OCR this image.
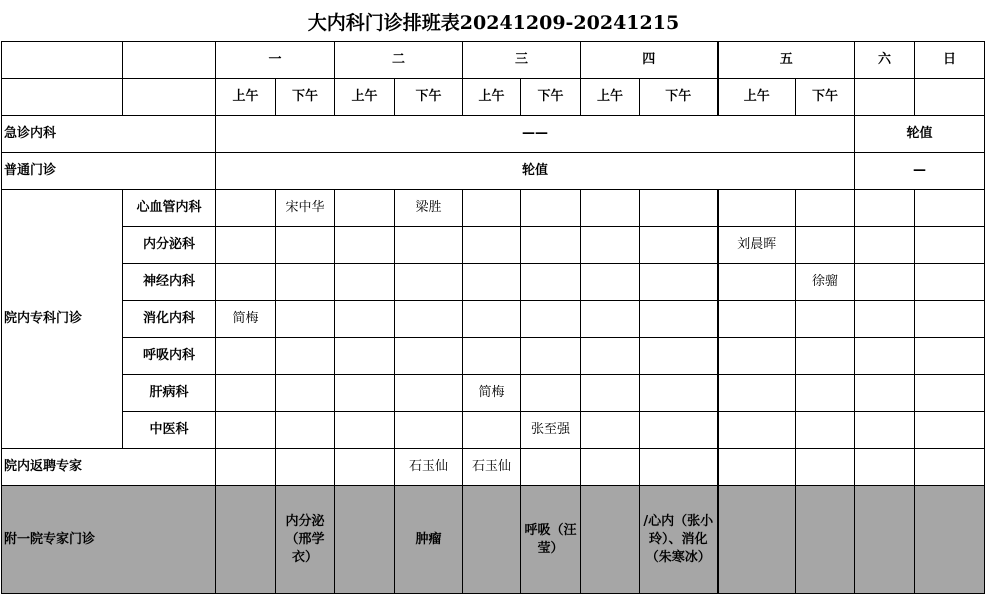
大内科门诊排班表20241209-20241215
		一		二		三		四		五		六	日
		上午	下午	上午	下午	上午	下午	上午	下午	上午	下午		
急诊内科		——										轮值	
普通门诊		轮值										—	
院内专科门诊	心血管内科		宋中华		梁胜								
	内分泌科									刘晨晖			
	神经内科										徐骝		
	消化内科	简梅											
	呼吸内科												
	肝病科					简梅							
	中医科						张至强						
院内返聘专家					石玉仙	石玉仙							
附一院专家门诊			内分泌（邢学衣）		肿瘤		呼吸（汪莹）		/心内（张小玲）、消化（朱寒冰）				
